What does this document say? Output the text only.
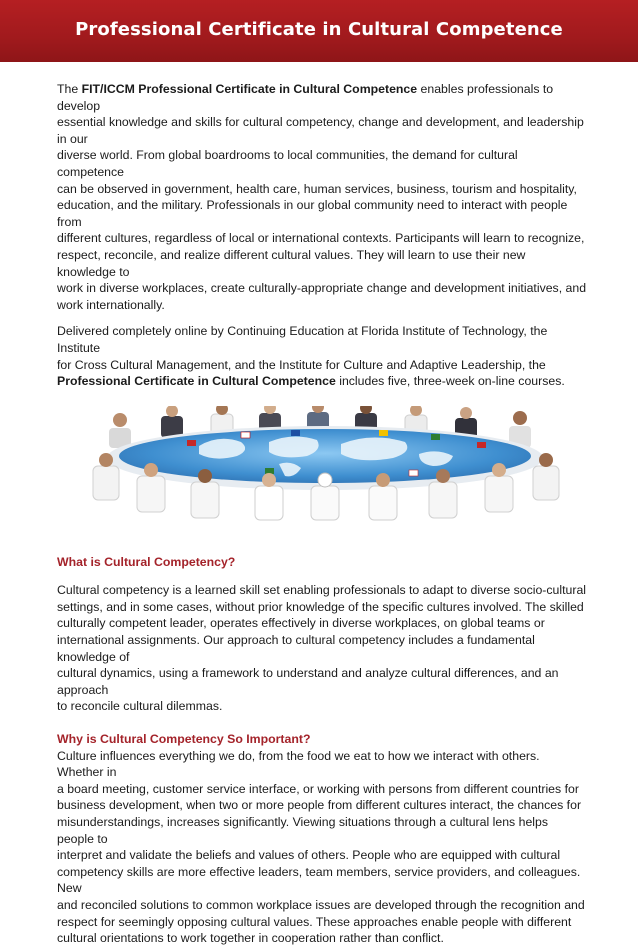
Professional Certificate in Cultural Competence

The FIT/ICCM Professional Certificate in Cultural Competence enables professionals to develop
essential knowledge and skills for cultural competency, change and development, and leadership in our
diverse world. From global boardrooms to local communities, the demand for cultural competence
can be observed in government, health care, human services, business, tourism and hospitality,
education, and the military. Professionals in our global community need to interact with people from
different cultures, regardless of local or international contexts. Participants will learn to recognize,
respect, reconcile, and realize different cultural values. They will learn to use their new knowledge to
work in diverse workplaces, create culturally-appropriate change and development initiatives, and
work internationally.

Delivered completely online by Continuing Education at Florida Institute of Technology, the Institute
for Cross Cultural Management, and the Institute for Culture and Adaptive Leadership, the
Professional Certificate in Cultural Competence includes five, three-week on-line courses.

What is Cultural Competency?

Cultural competency is a learned skill set enabling professionals to adapt to diverse socio-cultural
settings, and in some cases, without prior knowledge of the specific cultures involved. The skilled
culturally competent leader, operates effectively in diverse workplaces, on global teams or
international assignments. Our approach to cultural competency includes a fundamental knowledge of
cultural dynamics, using a framework to understand and analyze cultural differences, and an approach
to reconcile cultural dilemmas.

Why is Cultural Competency So Important?

Culture influences everything we do, from the food we eat to how we interact with others. Whether in
a board meeting, customer service interface, or working with persons from different countries for
business development, when two or more people from different cultures interact, the chances for
misunderstandings, increases significantly. Viewing situations through a cultural lens helps people to
interpret and validate the beliefs and values of others. People who are equipped with cultural
competency skills are more effective leaders, team members, service providers, and colleagues. New
and reconciled solutions to common workplace issues are developed through the recognition and
respect for seemingly opposing cultural values. These approaches enable people with different
cultural orientations to work together in cooperation rather than conflict.
